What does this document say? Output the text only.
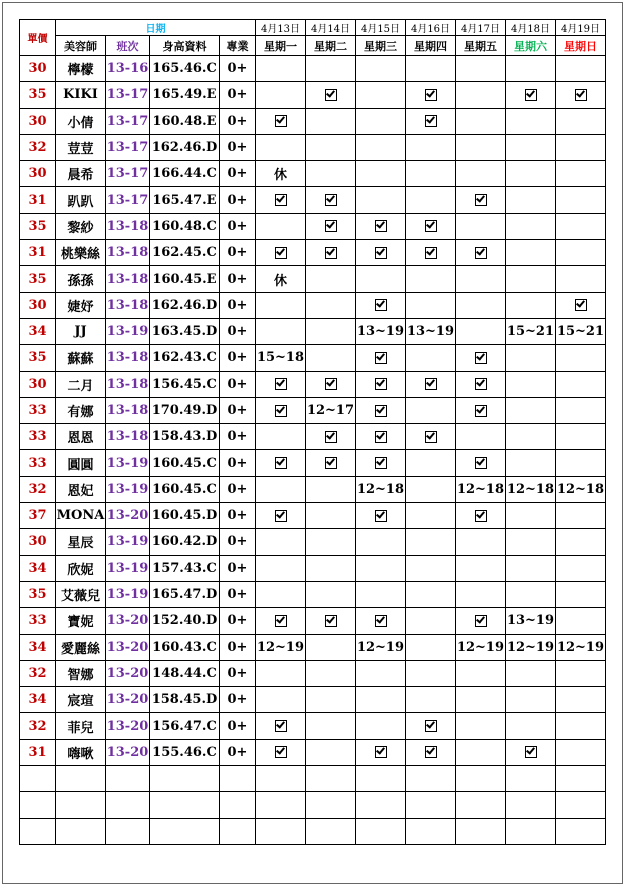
單價	日期				4月13日	4月14日	4月15日	4月16日	4月17日	4月18日	4月19日
	美容師	班次	身高資料	專業	星期一	星期二	星期三	星期四	星期五	星期六	星期日
30	檸檬	13-16	165.46.C	0+							
35	KIKI	13-17	165.49.E	0+							
30	小倩	13-17	160.48.E	0+							
32	荳荳	13-17	162.46.D	0+							
30	晨希	13-17	166.44.C	0+	休						
31	趴趴	13-17	165.47.E	0+							
35	黎紗	13-18	160.48.C	0+							
31	桃樂絲	13-18	162.45.C	0+							
35	孫孫	13-18	160.45.E	0+	休						
30	婕妤	13-18	162.46.D	0+							
34	JJ	13-19	163.45.D	0+			13~19	13~19		15~21	15~21
35	蘇蘇	13-18	162.43.C	0+	15~18						
30	二月	13-18	156.45.C	0+							
33	有娜	13-18	170.49.D	0+		12~17					
33	恩恩	13-18	158.43.D	0+							
33	圓圓	13-19	160.45.C	0+							
32	恩妃	13-19	160.45.C	0+			12~18		12~18	12~18	12~18
37	MONA	13-20	160.45.D	0+							
30	星辰	13-19	160.42.D	0+							
34	欣妮	13-19	157.43.C	0+							
35	艾薇兒	13-19	165.47.D	0+							
33	寶妮	13-20	152.40.D	0+						13~19	
34	愛麗絲	13-20	160.43.C	0+	12~19		12~19		12~19	12~19	12~19
32	智娜	13-20	148.44.C	0+							
34	宸瑄	13-20	158.45.D	0+							
32	菲兒	13-20	156.47.C	0+							
31	嗨啾	13-20	155.46.C	0+							
